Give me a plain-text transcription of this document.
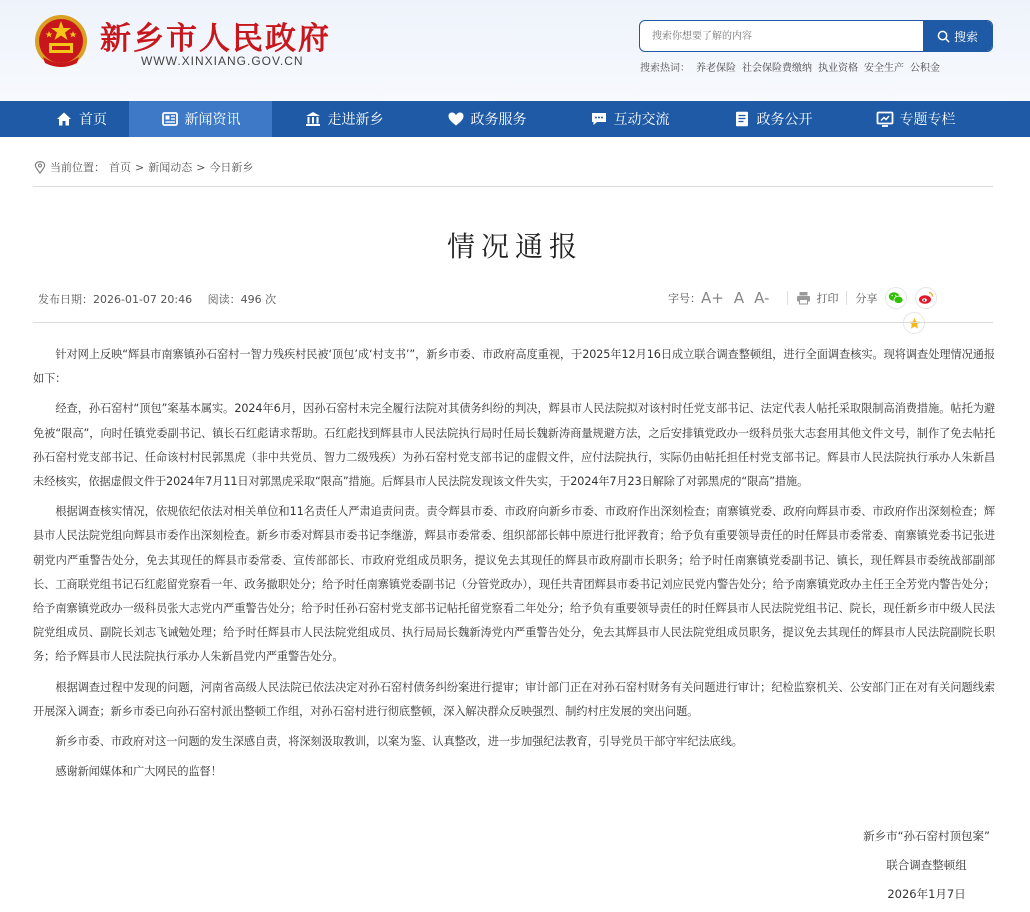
新乡市人民政府
WWW.XINXIANG.GOV.CN
搜索你想要了解的内容
搜索
搜索热词： 养老保险 社会保险费缴纳 执业资格 安全生产 公积金
首页	新闻资讯	走进新乡	政务服务	互动交流	政务公开	专题专栏
当前位置： 首页 > 新闻动态 > 今日新乡
情况通报
发布日期：2026-01-07 20:46 阅读：496 次	字号： A+ A A-	打印 分享

针对网上反映“辉县市南寨镇孙石窑村一智力残疾村民被‘顶包’成‘村支书’”，新乡市委、市政府高度重视，于2025年12月16日成立联合调查整顿组，进行全面调查核实。现将调查处理情况通报如下：

经查，孙石窑村“顶包”案基本属实。2024年6月，因孙石窑村未完全履行法院对其债务纠纷的判决，辉县市人民法院拟对该村时任党支部书记、法定代表人帖托采取限制高消费措施。帖托为避免被“限高”，向时任镇党委副书记、镇长石红彪请求帮助。石红彪找到辉县市人民法院执行局时任局长魏新涛商量规避方法，之后安排镇党政办一级科员张大志套用其他文件文号，制作了免去帖托孙石窑村党支部书记、任命该村村民郭黑虎（非中共党员、智力二级残疾）为孙石窑村党支部书记的虚假文件，应付法院执行，实际仍由帖托担任村党支部书记。辉县市人民法院执行承办人朱新昌未经核实，依据虚假文件于2024年7月11日对郭黑虎采取“限高”措施。后辉县市人民法院发现该文件失实，于2024年7月23日解除了对郭黑虎的“限高”措施。

根据调查核实情况，依规依纪依法对相关单位和11名责任人严肃追责问责。责令辉县市委、市政府向新乡市委、市政府作出深刻检查；南寨镇党委、政府向辉县市委、市政府作出深刻检查；辉县市人民法院党组向辉县市委作出深刻检查。新乡市委对辉县市委书记李继游，辉县市委常委、组织部部长韩中原进行批评教育；给予负有重要领导责任的时任辉县市委常委、南寨镇党委书记张进朝党内严重警告处分，免去其现任的辉县市委常委、宣传部部长、市政府党组成员职务，提议免去其现任的辉县市政府副市长职务；给予时任南寨镇党委副书记、镇长，现任辉县市委统战部副部长、工商联党组书记石红彪留党察看一年、政务撤职处分；给予时任南寨镇党委副书记（分管党政办），现任共青团辉县市委书记刘应民党内警告处分；给予南寨镇党政办主任王全芳党内警告处分；给予南寨镇党政办一级科员张大志党内严重警告处分；给予时任孙石窑村党支部书记帖托留党察看二年处分；给予负有重要领导责任的时任辉县市人民法院党组书记、院长，现任新乡市中级人民法院党组成员、副院长刘志飞诫勉处理；给予时任辉县市人民法院党组成员、执行局局长魏新涛党内严重警告处分，免去其辉县市人民法院党组成员职务，提议免去其现任的辉县市人民法院副院长职务；给予辉县市人民法院执行承办人朱新昌党内严重警告处分。

根据调查过程中发现的问题，河南省高级人民法院已依法决定对孙石窑村债务纠纷案进行提审；审计部门正在对孙石窑村财务有关问题进行审计；纪检监察机关、公安部门正在对有关问题线索开展深入调查；新乡市委已向孙石窑村派出整顿工作组，对孙石窑村进行彻底整顿，深入解决群众反映强烈、制约村庄发展的突出问题。

新乡市委、市政府对这一问题的发生深感自责，将深刻汲取教训，以案为鉴、认真整改，进一步加强纪法教育，引导党员干部守牢纪法底线。

感谢新闻媒体和广大网民的监督！

新乡市“孙石窑村顶包案”
联合调查整顿组
2026年1月7日
